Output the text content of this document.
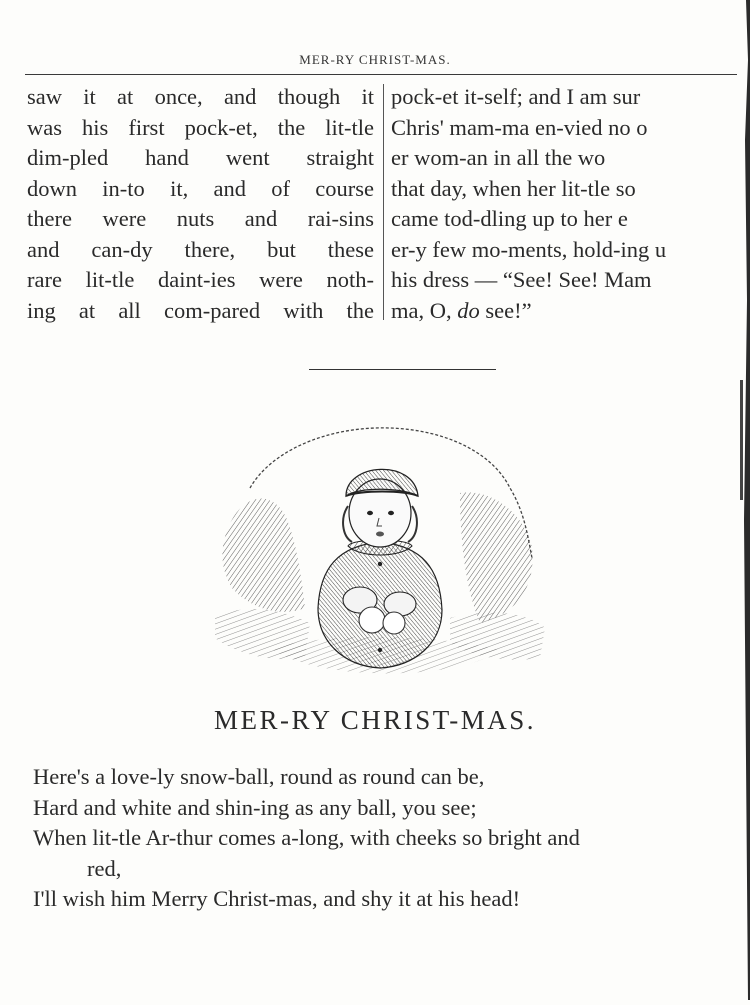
MER-RY CHRIST-MAS.
saw it at once, and though it
was his first pock-et, the lit-tle
dim-pled hand went straight
down in-to it, and of course
there were nuts and rai-sins
and can-dy there, but these
rare lit-tle daint-ies were noth-
ing at all com-pared with the
pock-et it-self; and I am sur
Chris' mam-ma en-vied no o
er wom-an in all the wo
that day, when her lit-tle so
came tod-dling up to her e
er-y few mo-ments, hold-ing u
his dress — “See! See! Mam
ma, O, do see!”
MER-RY CHRIST-MAS.
Here's a love-ly snow-ball, round as round can be,
Hard and white and shin-ing as any ball, you see;
When lit-tle Ar-thur comes a-long, with cheeks so bright and
red,
I'll wish him Merry Christ-mas, and shy it at his head!
